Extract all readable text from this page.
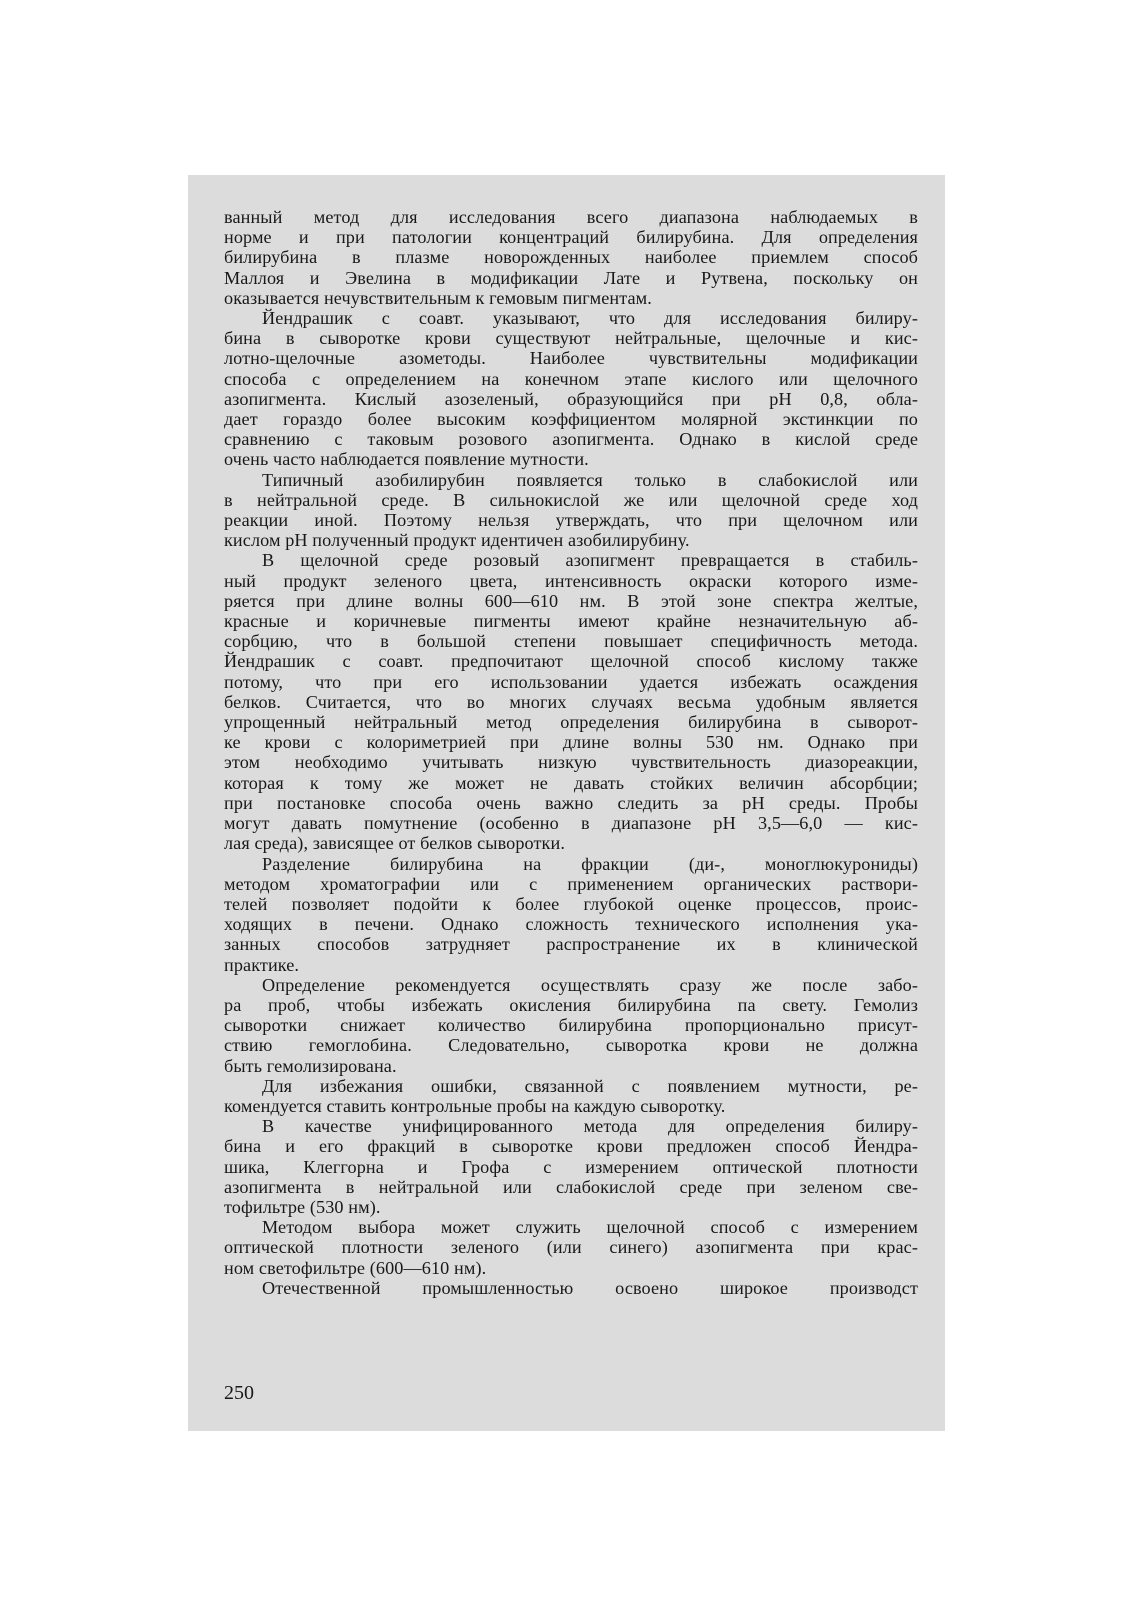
ванный метод для исследования всего диапазона наблюдаемых в
норме и при патологии концентраций билирубина. Для определения
билирубина в плазме новорожденных наиболее приемлем способ
Маллоя и Эвелина в модификации Лате и Рутвена, поскольку он
оказывается нечувствительным к гемовым пигментам.
Йендрашик с соавт. указывают, что для исследования билиру-
бина в сыворотке крови существуют нейтральные, щелочные и кис-
лотно-щелочные азометоды. Наиболее чувствительны модификации
способа с определением на конечном этапе кислого или щелочного
азопигмента. Кислый азозеленый, образующийся при pH 0,8, обла-
дает гораздо более высоким коэффициентом молярной экстинкции по
сравнению с таковым розового азопигмента. Однако в кислой среде
очень часто наблюдается появление мутности.
Типичный азобилирубин появляется только в слабокислой или
в нейтральной среде. В сильнокислой же или щелочной среде ход
реакции иной. Поэтому нельзя утверждать, что при щелочном или
кислом pH полученный продукт идентичен азобилирубину.
В щелочной среде розовый азопигмент превращается в стабиль-
ный продукт зеленого цвета, интенсивность окраски которого изме-
ряется при длине волны 600—610 нм. В этой зоне спектра желтые,
красные и коричневые пигменты имеют крайне незначительную аб-
сорбцию, что в большой степени повышает специфичность метода.
Йендрашик с соавт. предпочитают щелочной способ кислому также
потому, что при его использовании удается избежать осаждения
белков. Считается, что во многих случаях весьма удобным является
упрощенный нейтральный метод определения билирубина в сыворот-
ке крови с колориметрией при длине волны 530 нм. Однако при
этом необходимо учитывать низкую чувствительность диазореакции,
которая к тому же может не давать стойких величин абсорбции;
при постановке способа очень важно следить за pH среды. Пробы
могут давать помутнение (особенно в диапазоне pH 3,5—6,0 — кис-
лая среда), зависящее от белков сыворотки.
Разделение билирубина на фракции (ди-, моноглюкурониды)
методом хроматографии или с применением органических раствори-
телей позволяет подойти к более глубокой оценке процессов, проис-
ходящих в печени. Однако сложность технического исполнения ука-
занных способов затрудняет распространение их в клинической
практике.
Определение рекомендуется осуществлять сразу же после забо-
ра проб, чтобы избежать окисления билирубина па свету. Гемолиз
сыворотки снижает количество билирубина пропорционально присут-
ствию гемоглобина. Следовательно, сыворотка крови не должна
быть гемолизирована.
Для избежания ошибки, связанной с появлением мутности, ре-
комендуется ставить контрольные пробы на каждую сыворотку.
В качестве унифицированного метода для определения билиру-
бина и его фракций в сыворотке крови предложен способ Йендра-
шика, Клеггорна и Грофа с измерением оптической плотности
азопигмента в нейтральной или слабокислой среде при зеленом све-
тофильтре (530 нм).
Методом выбора может служить щелочной способ с измерением
оптической плотности зеленого (или синего) азопигмента при крас-
ном светофильтре (600—610 нм).
Отечественной промышленностью освоено широкое производст
250
